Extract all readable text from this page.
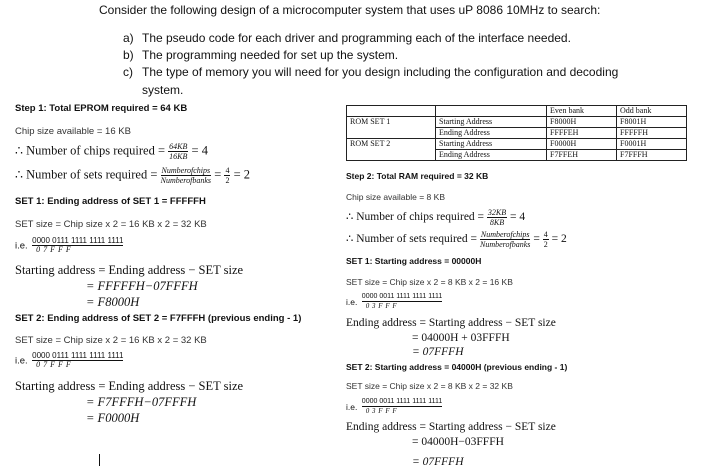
Consider the following design of a microcomputer system that uses uP 8086 10MHz to search:
a) The pseudo code for each driver and programming each of the interface needed.
b) The programming needed for set up the system.
c) The type of memory you will need for you design including the configuration and decoding
system.
Step 1: Total EPROM required = 64 KB
Chip size available = 16 KB
∴ Number of chips required = $\frac{64KB}{16KB} = 4$
∴ Number of sets required = $\frac{\text{Numberofchips}}{\text{Numberofbanks}} = \frac{4}{2} = 2$
SET 1: Ending address of SET 1 = FFFFFH
SET size = Chip size x 2 = 16 KB x 2 = 32 KB
i.e. $\frac{0000 0111 1111 1111 1111}{\text{0 7 F F F}}$
Starting address = Ending address − SET size
= FFFFFH−07FFFH
= F8000H
SET 2: Ending address of SET 2 = F7FFFH (previous ending - 1)
SET size = Chip size x 2 = 16 KB x 2 = 32 KB
i.e. $\frac{0000 0111 1111 1111 1111}{\text{0 7 F F F}}$
Starting address = Ending address − SET size
= F7FFFH−07FFFH
= F0000H
		Even bank	Odd bank
ROM SET 1	Starting Address	F8000H	F8001H
	Ending Address	FFFFEH	FFFFFH
ROM SET 2	Starting Address	F0000H	F0001H
	Ending Address	F7FFEH	F7FFFH
Step 2: Total RAM required = 32 KB
Chip size available = 8 KB
∴ Number of chips required = $\frac{32KB}{8KB} = 4$
∴ Number of sets required = $\frac{\text{Numberofchips}}{\text{Numberofbanks}} = \frac{4}{2} = 2$
SET 1: Starting address = 00000H
SET size = Chip size x 2 = 8 KB x 2 = 16 KB
i.e. $\frac{0000 0011 1111 1111 1111}{\text{0 3 F F F}}$
Ending address = Starting address − SET size
= 04000H + 03FFFH
= 07FFFH
SET 2: Starting address = 04000H (previous ending - 1)
SET size = Chip size x 2 = 8 KB x 2 = 32 KB
i.e. $\frac{0000 0011 1111 1111 1111}{\text{0 3 F F F}}$
Ending address = Starting address − SET size
= 04000H−03FFFH
= 07FFFH
